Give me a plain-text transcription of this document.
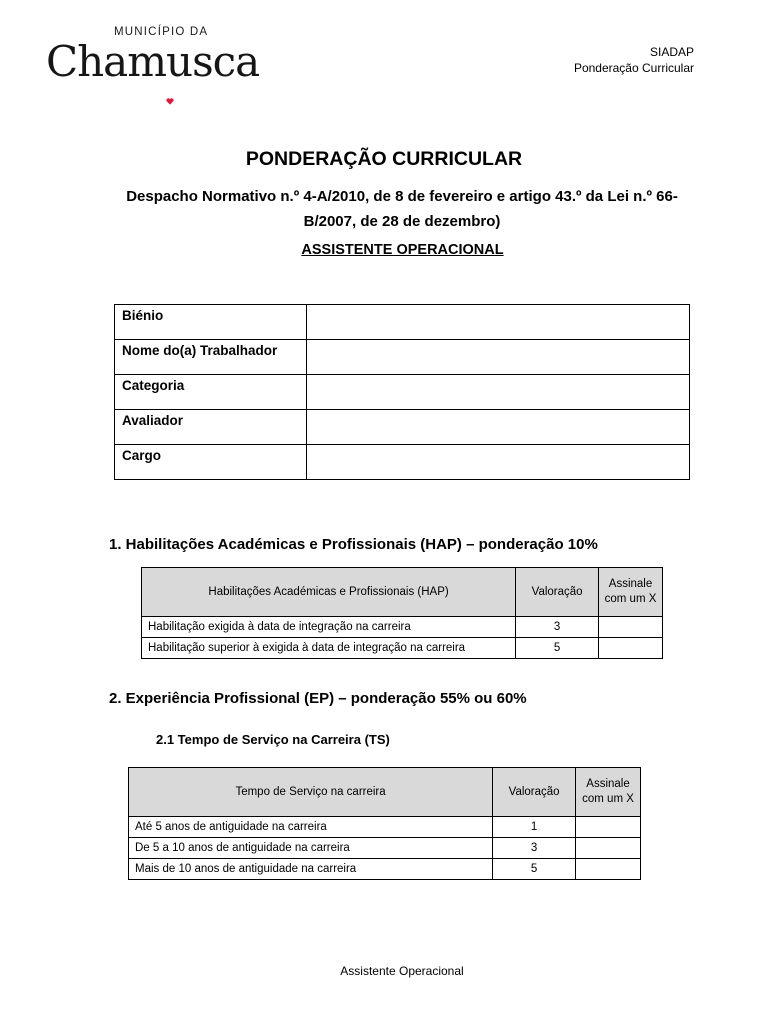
MUNICÍPIO DA
Chamusca	SIADAP
Ponderação Curricular
PONDERAÇÃO CURRICULAR
Despacho Normativo n.º 4-A/2010, de 8 de fevereiro e artigo 43.º da Lei n.º 66-B/2007, de 28 de dezembro)
ASSISTENTE OPERACIONAL
Biénio	
Nome do(a) Trabalhador	
Categoria	
Avaliador	
Cargo	
1. Habilitações Académicas e Profissionais (HAP) – ponderação 10%
Habilitações Académicas e Profissionais (HAP)	Valoração	Assinale com um X
Habilitação exigida à data de integração na carreira	3	
Habilitação superior à exigida à data de integração na carreira	5	
2. Experiência Profissional (EP) – ponderação 55% ou 60%
2.1 Tempo de Serviço na Carreira (TS)
Tempo de Serviço na carreira	Valoração	Assinale com um X
Até 5 anos de antiguidade na carreira	1	
De 5 a 10 anos de antiguidade na carreira	3	
Mais de 10 anos de antiguidade na carreira	5	
Assistente Operacional
